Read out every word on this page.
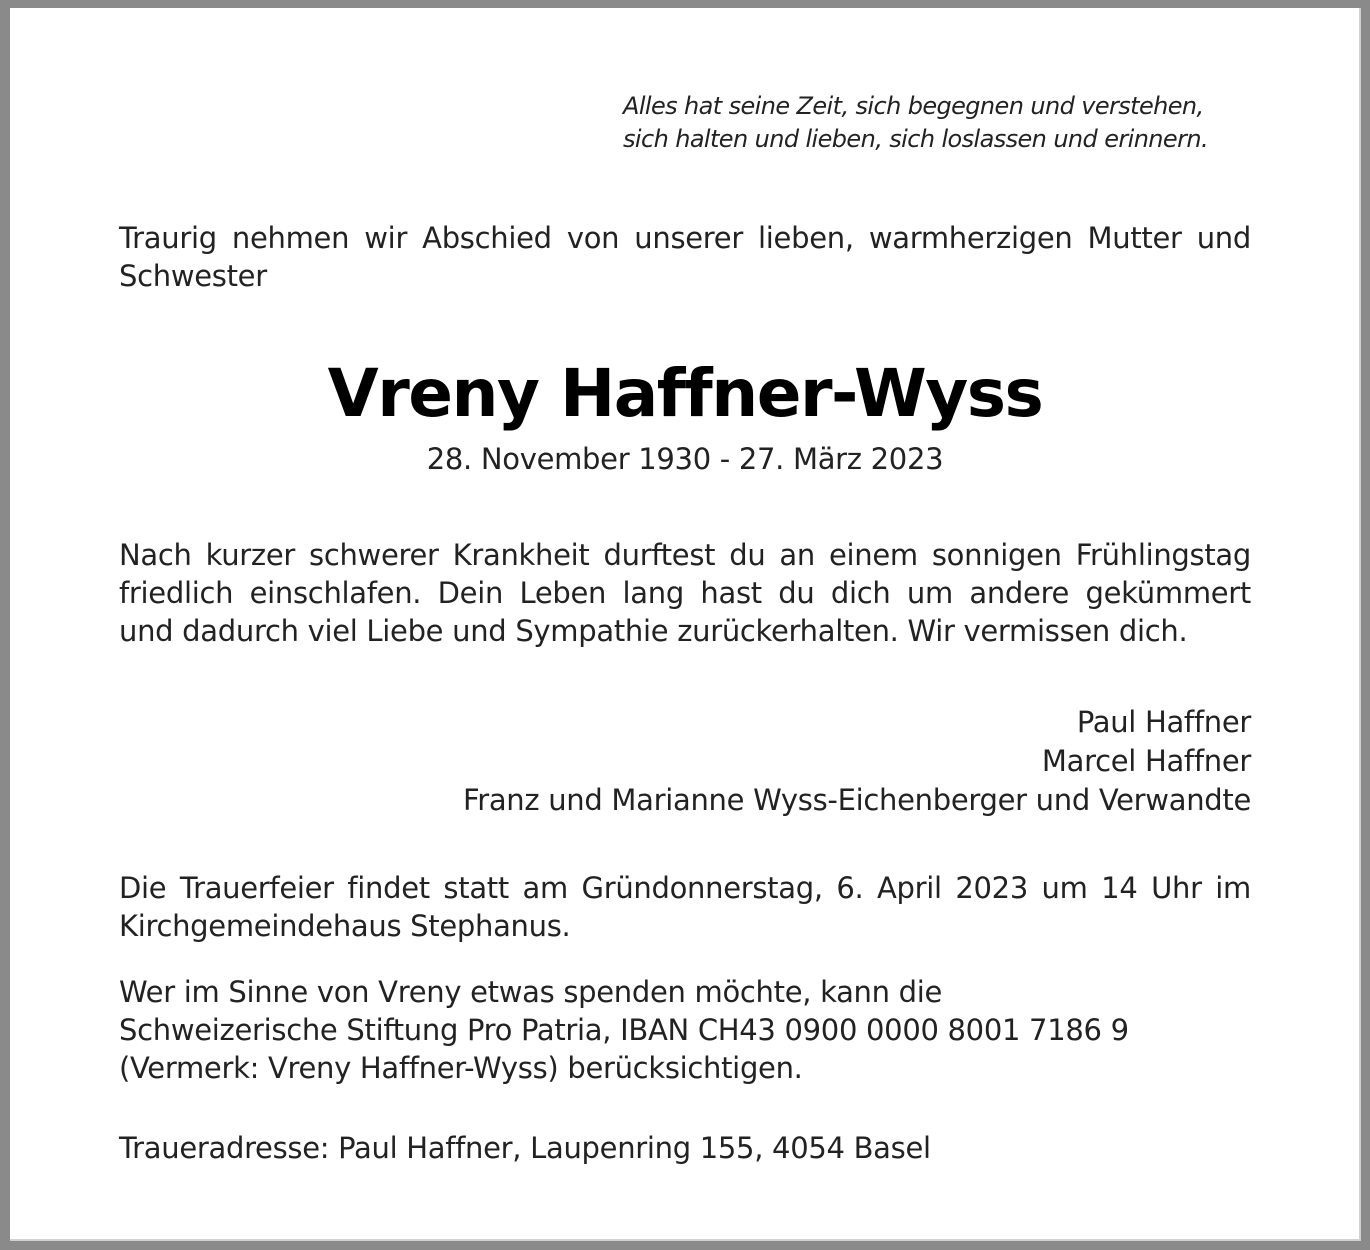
Alles hat seine Zeit, sich begegnen und verstehen,
sich halten und lieben, sich loslassen und erinnern.
Traurig nehmen wir Abschied von unserer lieben, warmherzigen Mutter und
Schwester
Vreny Haffner-Wyss
28. November 1930 - 27. März 2023
Nach kurzer schwerer Krankheit durftest du an einem sonnigen Frühlingstag
friedlich einschlafen. Dein Leben lang hast du dich um andere gekümmert
und dadurch viel Liebe und Sympathie zurückerhalten. Wir vermissen dich.
Paul Haffner
Marcel Haffner
Franz und Marianne Wyss-Eichenberger und Verwandte
Die Trauerfeier findet statt am Gründonnerstag, 6. April 2023 um 14 Uhr im
Kirchgemeindehaus Stephanus.
Wer im Sinne von Vreny etwas spenden möchte, kann die
Schweizerische Stiftung Pro Patria, IBAN CH43 0900 0000 8001 7186 9
(Vermerk: Vreny Haffner-Wyss) berücksichtigen.
Traueradresse: Paul Haffner, Laupenring 155, 4054 Basel
